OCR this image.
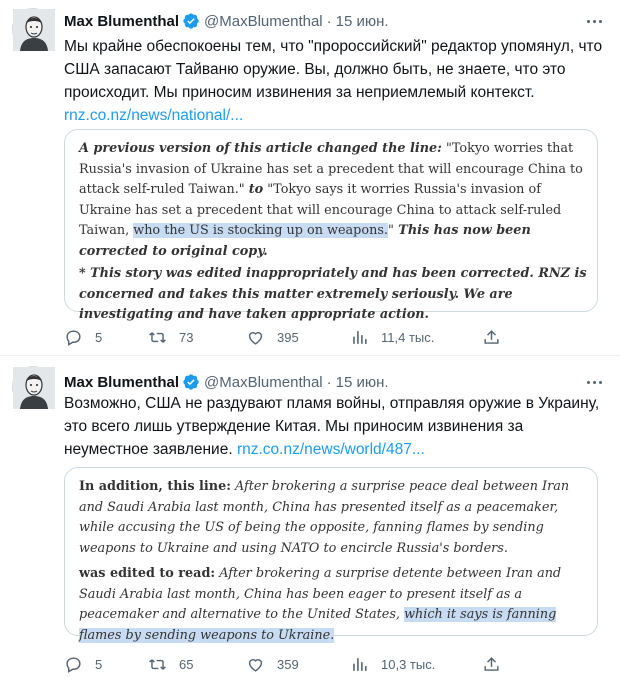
Max Blumenthal @MaxBlumenthal · 15 июн.
Мы крайне обеспокоены тем, что "пророссийский" редактор упомянул, что США запасают Тайваню оружие. Вы, должно быть, не знаете, что это происходит. Мы приносим извинения за неприемлемый контекст.
rnz.co.nz/news/national/...

A previous version of this article changed the line: "Tokyo worries that Russia's invasion of Ukraine has set a precedent that will encourage China to attack self-ruled Taiwan." to "Tokyo says it worries Russia's invasion of Ukraine has set a precedent that will encourage China to attack self-ruled Taiwan, who the US is stocking up on weapons." This has now been corrected to original copy.

* This story was edited inappropriately and has been corrected. RNZ is concerned and takes this matter extremely seriously. We are investigating and have taken appropriate action.

5	73	395	11,4 тыс.
Max Blumenthal @MaxBlumenthal · 15 июн.
Возможно, США не раздувают пламя войны, отправляя оружие в Украину, это всего лишь утверждение Китая. Мы приносим извинения за неуместное заявление. rnz.co.nz/news/world/487...

In addition, this line: After brokering a surprise peace deal between Iran and Saudi Arabia last month, China has presented itself as a peacemaker, while accusing the US of being the opposite, fanning flames by sending weapons to Ukraine and using NATO to encircle Russia's borders.

was edited to read: After brokering a surprise detente between Iran and Saudi Arabia last month, China has been eager to present itself as a peacemaker and alternative to the United States, which it says is fanning flames by sending weapons to Ukraine.

5	65	359	10,3 тыс.
